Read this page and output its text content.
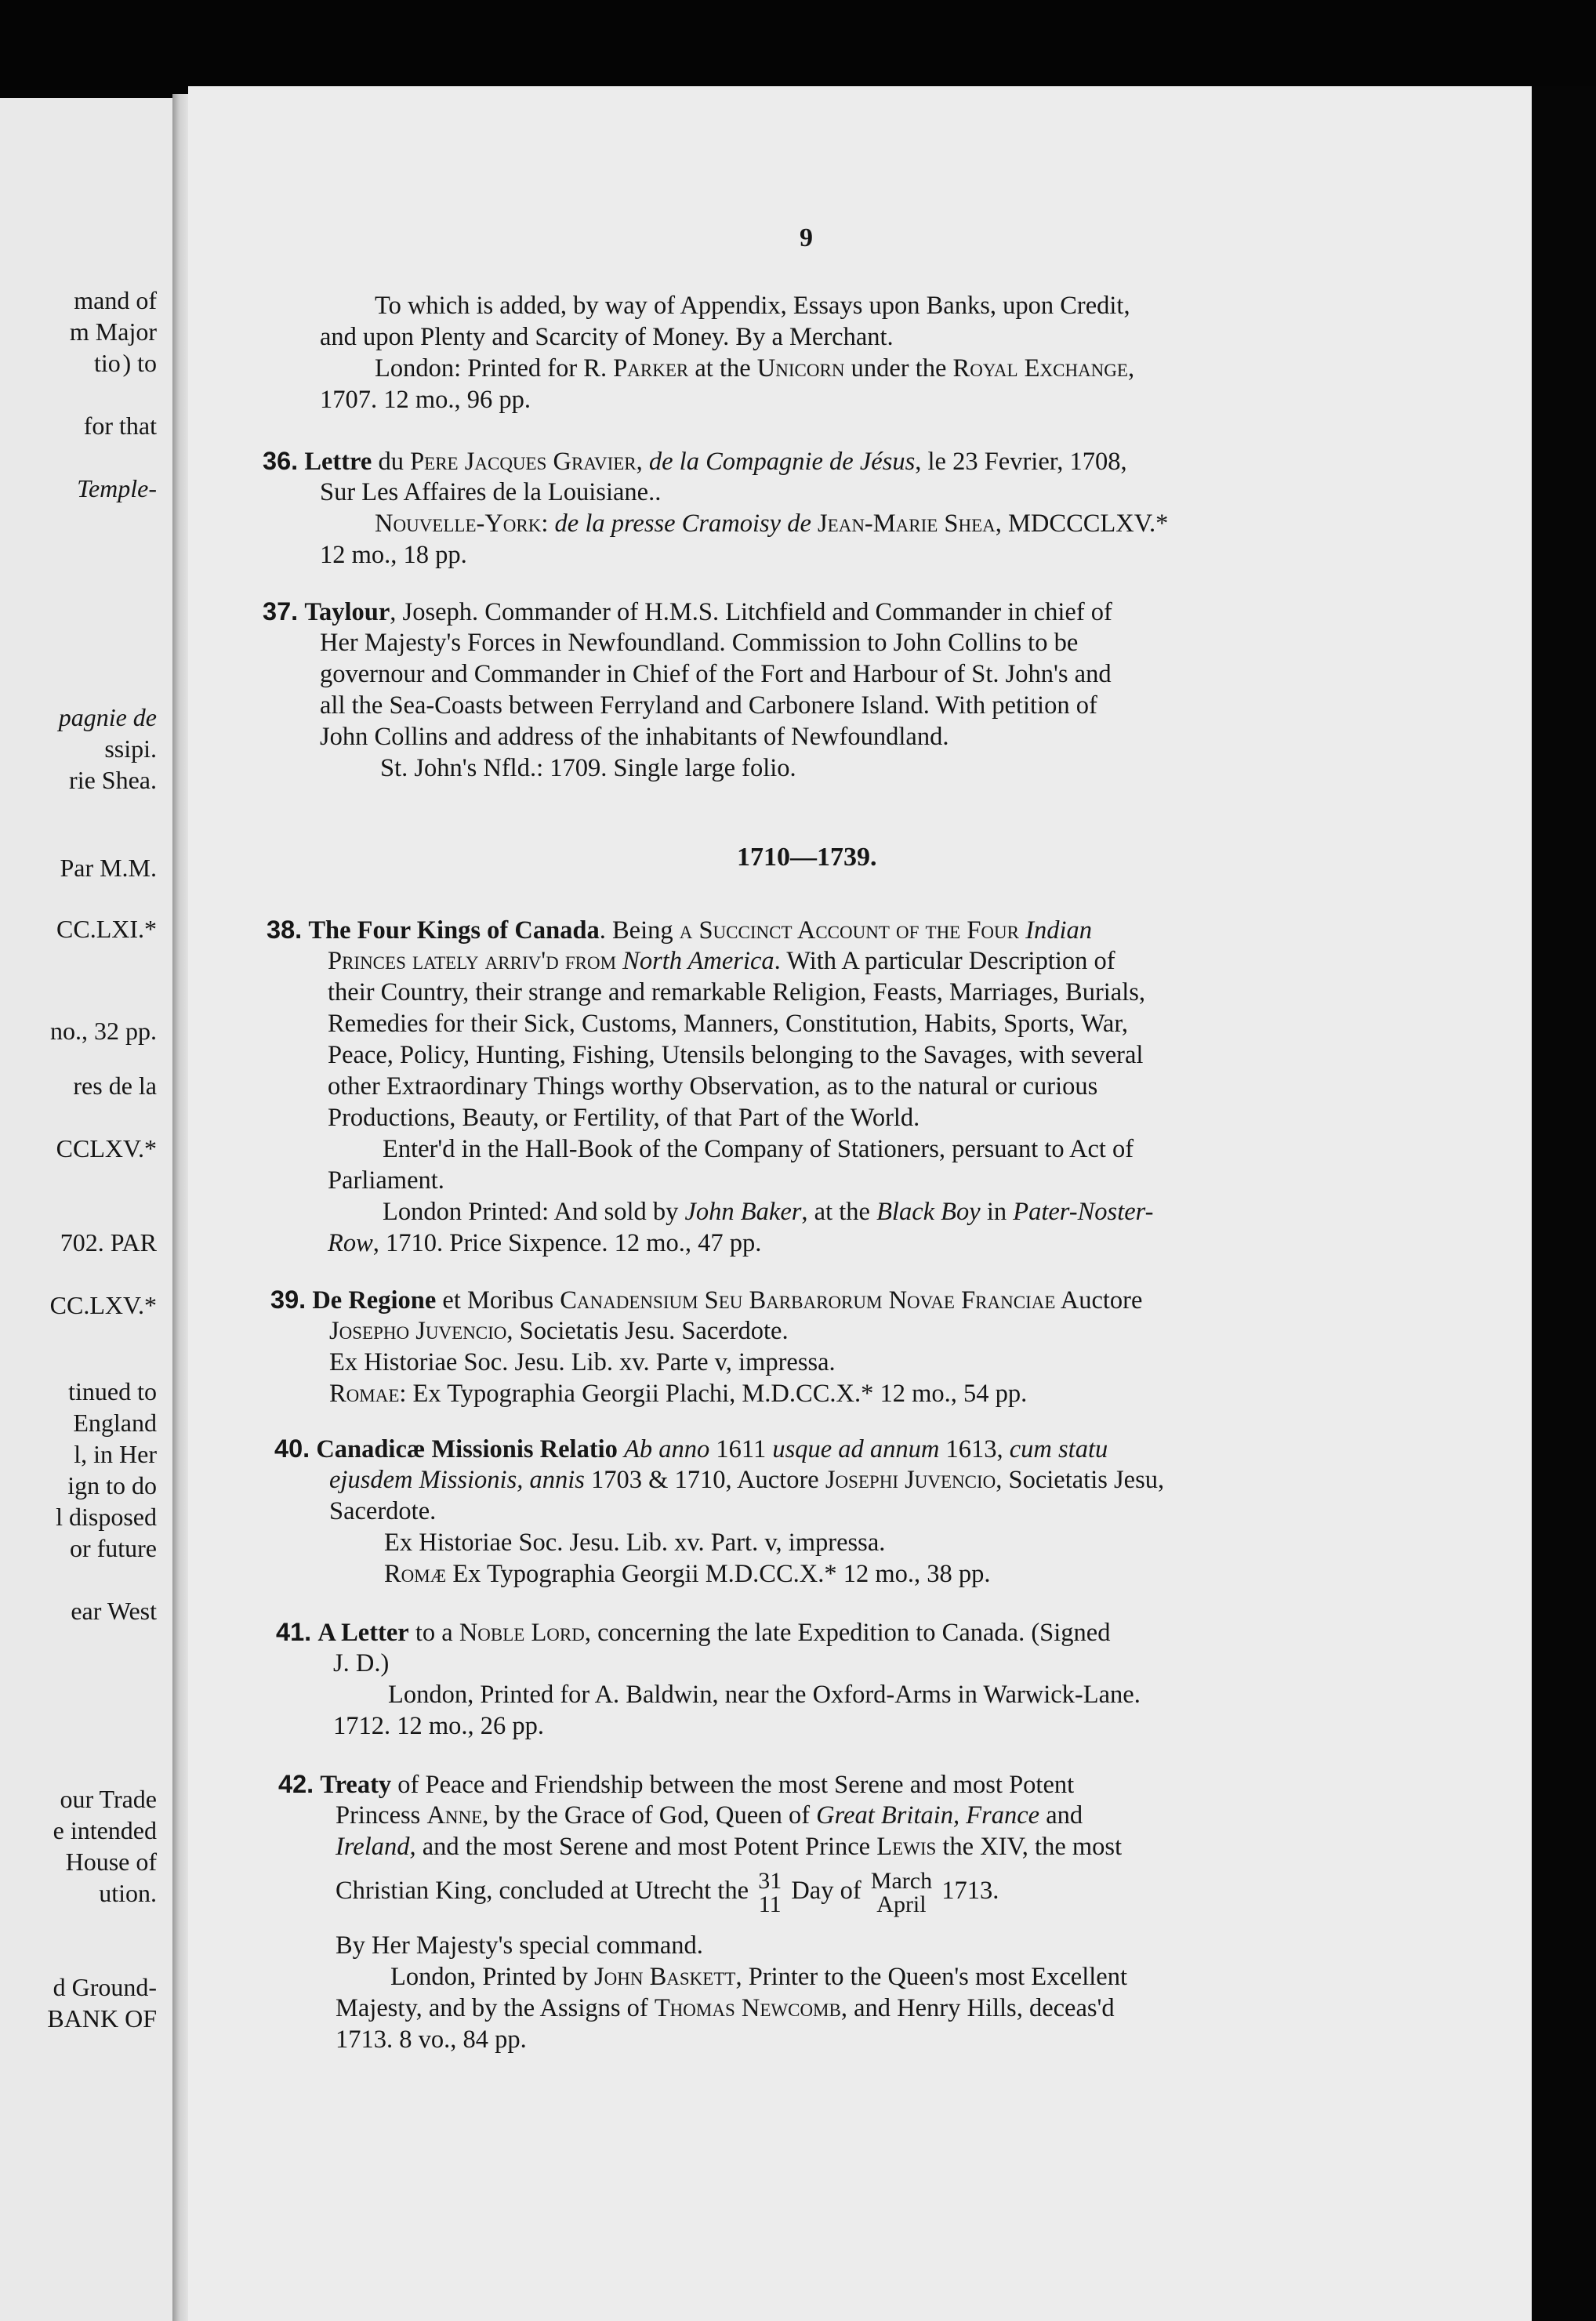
mand of
m Major
tio ) to
for that
Temple-
pagnie de
ssipi.
rie Shea.
Par M.M.
CC.LXI.*
no., 32 pp.
res de la
CCLXV.*
702. PAR
CC.LXV.*
tinued to
England
l, in Her
ign to do
l disposed
or future
ear West
our Trade
e intended
House of
ution.
d Ground-
BANK OF
9
To which is added, by way of Appendix, Essays upon Banks, upon Credit,
and upon Plenty and Scarcity of Money. By a Merchant.
London: Printed for R. Parker at the Unicorn under the Royal Exchange,
1707. 12 mo., 96 pp.
36. Lettre du Pere Jacques Gravier, de la Compagnie de Jésus, le 23 Fevrier, 1708,
Sur Les Affaires de la Louisiane..
Nouvelle-York: de la presse Cramoisy de Jean-Marie Shea, MDCCCLXV.*
12 mo., 18 pp.
37. Taylour, Joseph. Commander of H.M.S. Litchfield and Commander in chief of
Her Majesty's Forces in Newfoundland. Commission to John Collins to be
governour and Commander in Chief of the Fort and Harbour of St. John's and
all the Sea-Coasts between Ferryland and Carbonere Island. With petition of
John Collins and address of the inhabitants of Newfoundland.
St. John's Nfld.: 1709. Single large folio.
1710—1739.
38. The Four Kings of Canada. Being a Succinct Account of the Four Indian
Princes lately arriv'd from North America. With A particular Description of
their Country, their strange and remarkable Religion, Feasts, Marriages, Burials,
Remedies for their Sick, Customs, Manners, Constitution, Habits, Sports, War,
Peace, Policy, Hunting, Fishing, Utensils belonging to the Savages, with several
other Extraordinary Things worthy Observation, as to the natural or curious
Productions, Beauty, or Fertility, of that Part of the World.
Enter'd in the Hall-Book of the Company of Stationers, persuant to Act of
Parliament.
London Printed: And sold by John Baker, at the Black Boy in Pater-Noster-
Row, 1710. Price Sixpence. 12 mo., 47 pp.
39. De Regione et Moribus Canadensium Seu Barbarorum Novae Franciae Auctore
Josepho Juvencio, Societatis Jesu. Sacerdote.
Ex Historiae Soc. Jesu. Lib. xv. Parte v, impressa.
Romae: Ex Typographia Georgii Plachi, M.D.CC.X.* 12 mo., 54 pp.
40. Canadicæ Missionis Relatio Ab anno 1611 usque ad annum 1613, cum statu
ejusdem Missionis, annis 1703 & 1710, Auctore Josephi Juvencio, Societatis Jesu,
Sacerdote.
Ex Historiae Soc. Jesu. Lib. xv. Part. v, impressa.
Romæ Ex Typographia Georgii M.D.CC.X.* 12 mo., 38 pp.
41. A Letter to a Noble Lord, concerning the late Expedition to Canada. (Signed
J. D.)
London, Printed for A. Baldwin, near the Oxford-Arms in Warwick-Lane.
1712. 12 mo., 26 pp.
42. Treaty of Peace and Friendship between the most Serene and most Potent
Princess Anne, by the Grace of God, Queen of Great Britain, France and
Ireland, and the most Serene and most Potent Prince Lewis the XIV, the most
Christian King, concluded at Utrecht the 31
11 Day of March
April 1713.
By Her Majesty's special command.
London, Printed by John Baskett, Printer to the Queen's most Excellent
Majesty, and by the Assigns of Thomas Newcomb, and Henry Hills, deceas'd
1713. 8 vo., 84 pp.
